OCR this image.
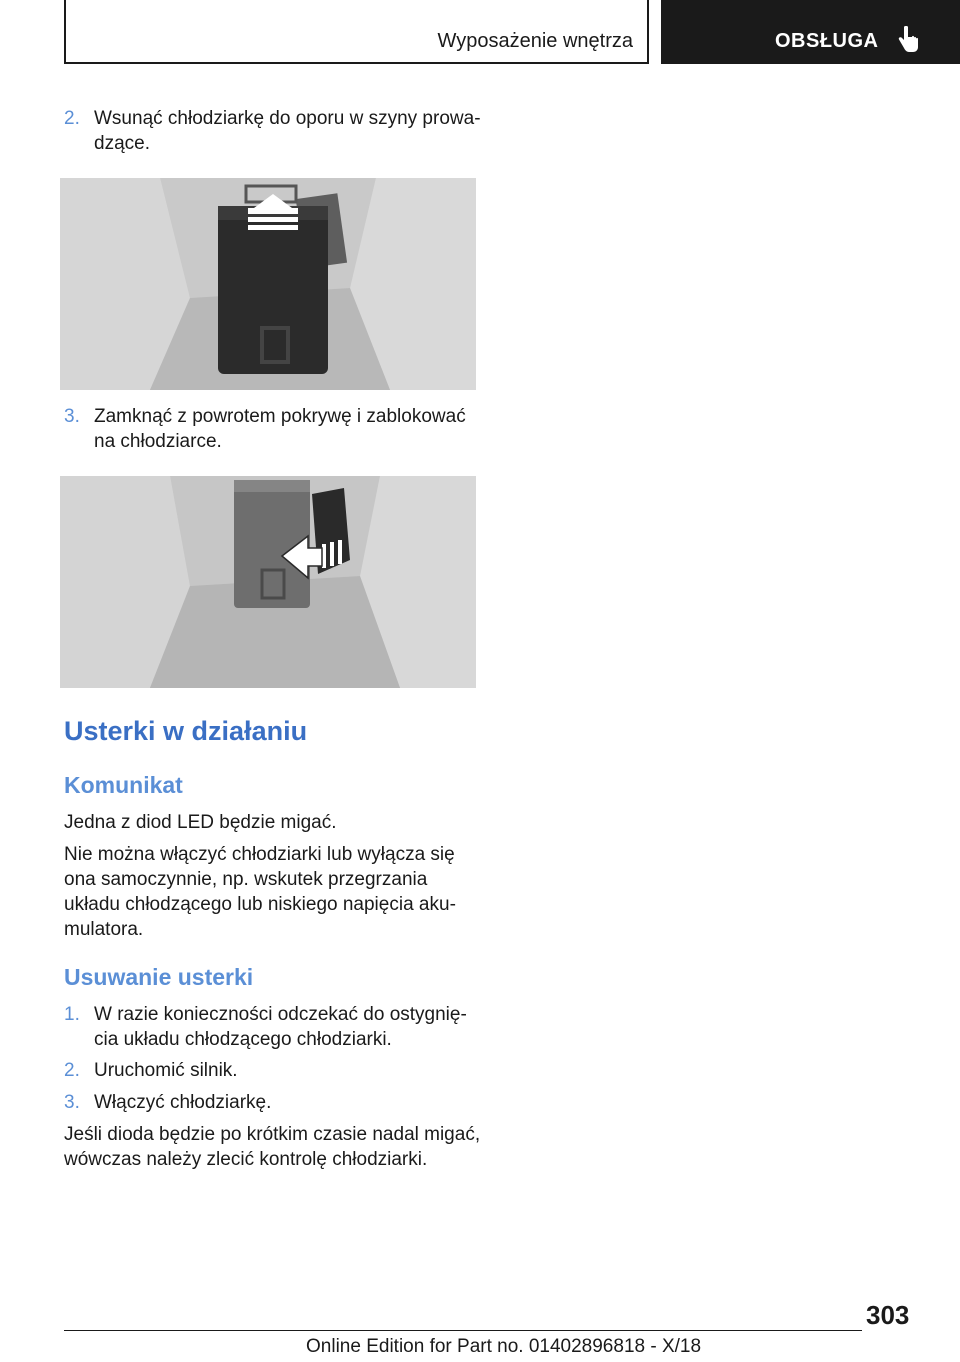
Wyposażenie wnętrza	OBSŁUGA
2. Wsunąć chłodziarkę do oporu w szyny prowadzące.
3. Zamknąć z powrotem pokrywę i zablokować na chłodziarce.
Usterki w działaniu
Komunikat
Jedna z diod LED będzie migać.
Nie można włączyć chłodziarki lub wyłącza się ona samoczynnie, np. wskutek przegrzania układu chłodzącego lub niskiego napięcia akumulatora.
Usuwanie usterki
1. W razie konieczności odczekać do ostygnięcia układu chłodzącego chłodziarki.
2. Uruchomić silnik.
3. Włączyć chłodziarkę.
Jeśli dioda będzie po krótkim czasie nadal migać, wówczas należy zlecić kontrolę chłodziarki.
303
Online Edition for Part no. 01402896818 - X/18
